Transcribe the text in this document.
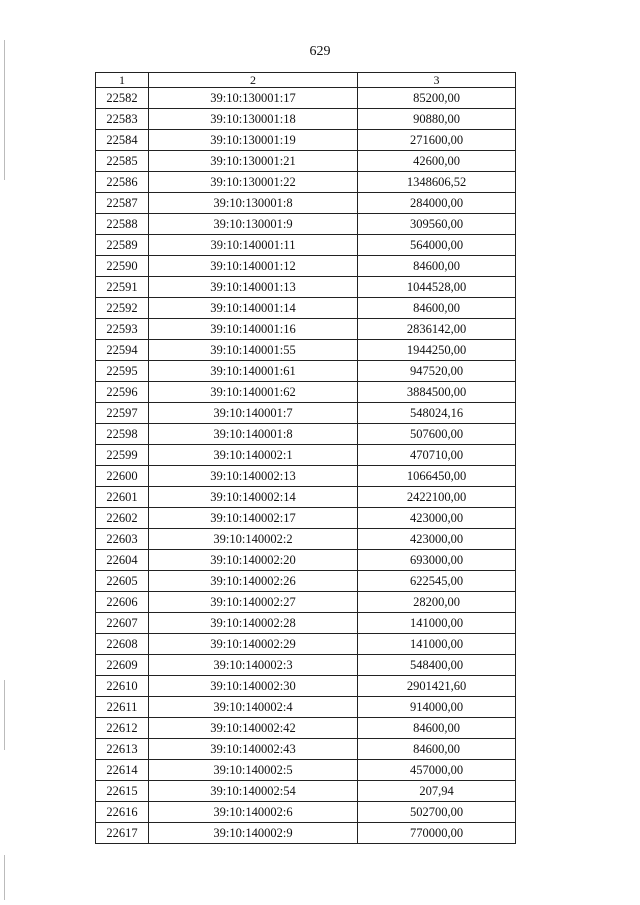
629
1	2	3
22582	39:10:130001:17	85200,00
22583	39:10:130001:18	90880,00
22584	39:10:130001:19	271600,00
22585	39:10:130001:21	42600,00
22586	39:10:130001:22	1348606,52
22587	39:10:130001:8	284000,00
22588	39:10:130001:9	309560,00
22589	39:10:140001:11	564000,00
22590	39:10:140001:12	84600,00
22591	39:10:140001:13	1044528,00
22592	39:10:140001:14	84600,00
22593	39:10:140001:16	2836142,00
22594	39:10:140001:55	1944250,00
22595	39:10:140001:61	947520,00
22596	39:10:140001:62	3884500,00
22597	39:10:140001:7	548024,16
22598	39:10:140001:8	507600,00
22599	39:10:140002:1	470710,00
22600	39:10:140002:13	1066450,00
22601	39:10:140002:14	2422100,00
22602	39:10:140002:17	423000,00
22603	39:10:140002:2	423000,00
22604	39:10:140002:20	693000,00
22605	39:10:140002:26	622545,00
22606	39:10:140002:27	28200,00
22607	39:10:140002:28	141000,00
22608	39:10:140002:29	141000,00
22609	39:10:140002:3	548400,00
22610	39:10:140002:30	2901421,60
22611	39:10:140002:4	914000,00
22612	39:10:140002:42	84600,00
22613	39:10:140002:43	84600,00
22614	39:10:140002:5	457000,00
22615	39:10:140002:54	207,94
22616	39:10:140002:6	502700,00
22617	39:10:140002:9	770000,00
